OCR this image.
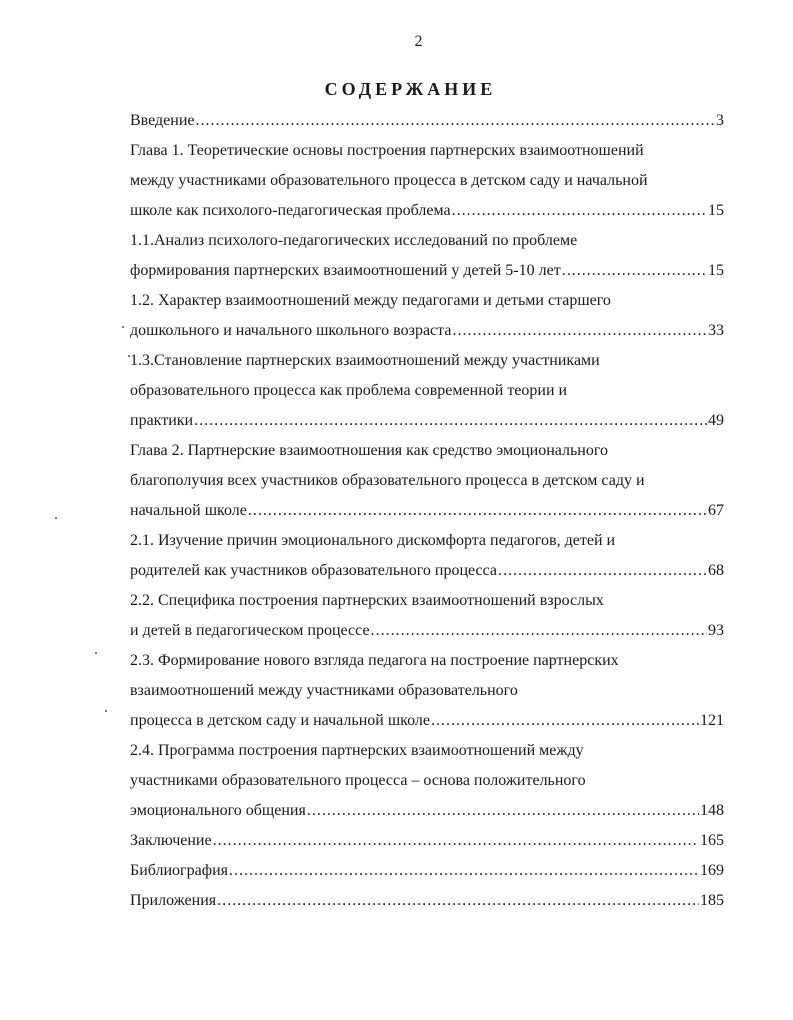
2
СОДЕРЖАНИЕ
Введение .....	3
Глава 1. Теоретические основы построения партнерских взаимоотношений
между участниками образовательного процесса в детском саду и начальной
школе как психолого-педагогическая проблема .....	15
1.1.Анализ психолого-педагогических исследований по проблеме
формирования партнерских взаимоотношений у детей 5-10 лет .....	15
1.2. Характер взаимоотношений между педагогами и детьми старшего
дошкольного и начального школьного возраста .....	33
1.3.Становление партнерских взаимоотношений между участниками
образовательного процесса как проблема современной теории и
практики .....	49
Глава 2. Партнерские взаимоотношения как средство эмоционального
благополучия всех участников образовательного процесса в детском саду и
начальной школе .....	67
2.1. Изучение причин эмоционального дискомфорта педагогов, детей и
родителей как участников образовательного процесса .....	68
2.2. Специфика построения партнерских взаимоотношений взрослых
и детей в педагогическом процессе .....	93
2.3. Формирование нового взгляда педагога на построение партнерских
взаимоотношений между участниками образовательного
процесса в детском саду и начальной школе .....	121
2.4. Программа построения партнерских взаимоотношений между
участниками образовательного процесса – основа положительного
эмоционального общения .....	148
Заключение .....	165
Библиография .....	169
Приложения .....	185
